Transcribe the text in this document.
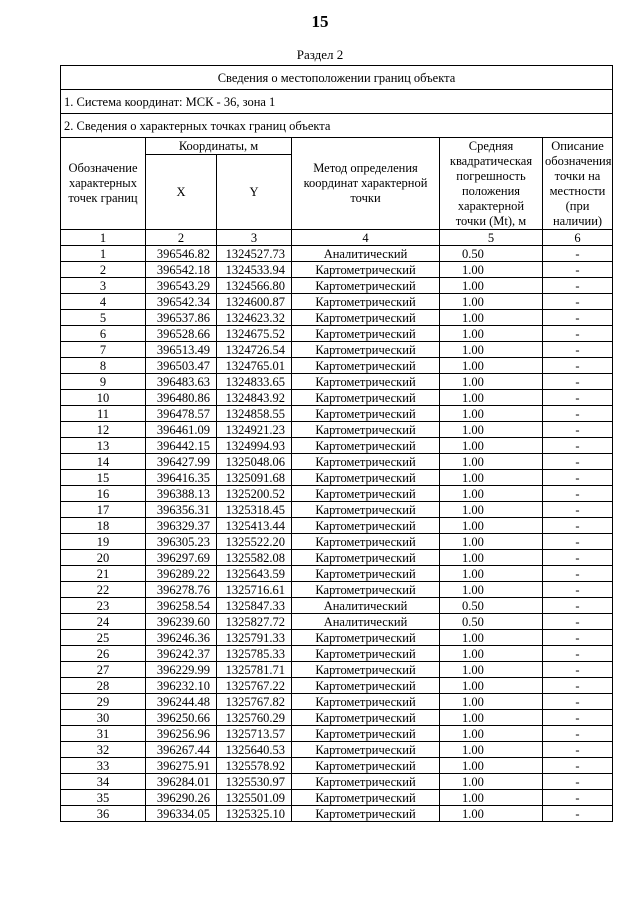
15
Раздел 2
Сведения о местоположении границ объекта					
1. Система координат: МСК - 36, зона 1					
2. Сведения о характерных точках границ объекта					
Обозначение характерных точек границ	Координаты, м		Метод определения координат характерной точки	Средняя квадратическая погрешность положения характерной точки (Mt), м	Описание обозначения точки на местности (при наличии)
	X	Y			
1	2	3	4	5	6
1	396546.82	1324527.73	Аналитический	0.50	-
2	396542.18	1324533.94	Картометрический	1.00	-
3	396543.29	1324566.80	Картометрический	1.00	-
4	396542.34	1324600.87	Картометрический	1.00	-
5	396537.86	1324623.32	Картометрический	1.00	-
6	396528.66	1324675.52	Картометрический	1.00	-
7	396513.49	1324726.54	Картометрический	1.00	-
8	396503.47	1324765.01	Картометрический	1.00	-
9	396483.63	1324833.65	Картометрический	1.00	-
10	396480.86	1324843.92	Картометрический	1.00	-
11	396478.57	1324858.55	Картометрический	1.00	-
12	396461.09	1324921.23	Картометрический	1.00	-
13	396442.15	1324994.93	Картометрический	1.00	-
14	396427.99	1325048.06	Картометрический	1.00	-
15	396416.35	1325091.68	Картометрический	1.00	-
16	396388.13	1325200.52	Картометрический	1.00	-
17	396356.31	1325318.45	Картометрический	1.00	-
18	396329.37	1325413.44	Картометрический	1.00	-
19	396305.23	1325522.20	Картометрический	1.00	-
20	396297.69	1325582.08	Картометрический	1.00	-
21	396289.22	1325643.59	Картометрический	1.00	-
22	396278.76	1325716.61	Картометрический	1.00	-
23	396258.54	1325847.33	Аналитический	0.50	-
24	396239.60	1325827.72	Аналитический	0.50	-
25	396246.36	1325791.33	Картометрический	1.00	-
26	396242.37	1325785.33	Картометрический	1.00	-
27	396229.99	1325781.71	Картометрический	1.00	-
28	396232.10	1325767.22	Картометрический	1.00	-
29	396244.48	1325767.82	Картометрический	1.00	-
30	396250.66	1325760.29	Картометрический	1.00	-
31	396256.96	1325713.57	Картометрический	1.00	-
32	396267.44	1325640.53	Картометрический	1.00	-
33	396275.91	1325578.92	Картометрический	1.00	-
34	396284.01	1325530.97	Картометрический	1.00	-
35	396290.26	1325501.09	Картометрический	1.00	-
36	396334.05	1325325.10	Картометрический	1.00	-
